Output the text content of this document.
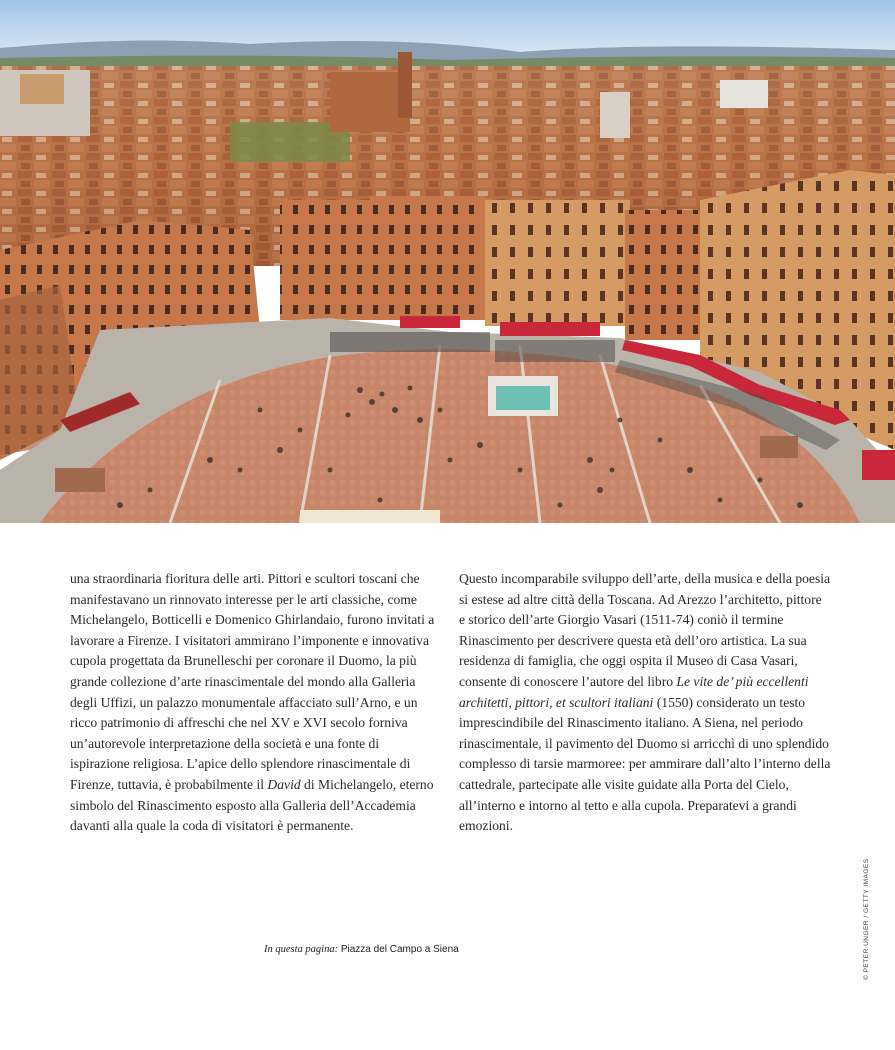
una straordinaria fioritura delle arti. Pittori e scultori toscani che manifestavano un rinnovato interesse per le arti classiche, come Michelangelo, Botticelli e Domenico Ghirlandaio, furono invitati a lavorare a Firenze. I visitatori ammirano l’imponente e innovativa cupola progettata da Brunelleschi per coronare il Duomo, la più grande collezione d’arte rinascimentale del mondo alla Galleria degli Uffizi, un palazzo monumentale affacciato sull’Arno, e un ricco patrimonio di affreschi che nel XV e XVI secolo forniva un’autorevole interpretazione della società e una fonte di ispirazione religiosa. L’apice dello splendore rinascimentale di Firenze, tuttavia, è probabilmente il David di Michelangelo, eterno simbolo del Rinascimento esposto alla Galleria dell’Accademia davanti alla quale la coda di visitatori è permanente.

Questo incomparabile sviluppo dell’arte, della musica e della poesia si estese ad altre città della Toscana. Ad Arezzo l’architetto, pittore e storico dell’arte Giorgio Vasari (1511-74) coniò il termine Rinascimento per descrivere questa età dell’oro artistica. La sua residenza di famiglia, che oggi ospita il Museo di Casa Vasari, consente di conoscere l’autore del libro Le vite de’ più eccellenti architetti, pittori, et scultori italiani (1550) considerato un testo imprescindibile del Rinascimento italiano. A Siena, nel periodo rinascimentale, il pavimento del Duomo si arricchì di uno splendido complesso di tarsie marmoree: per ammirare dall’alto l’interno della cattedrale, partecipate alle visite guidate alla Porta del Cielo, all’interno e intorno al tetto e alla cupola. Preparatevi a grandi emozioni.

In questa pagina: Piazza del Campo a Siena	© PETER UNGER / GETTY IMAGES
